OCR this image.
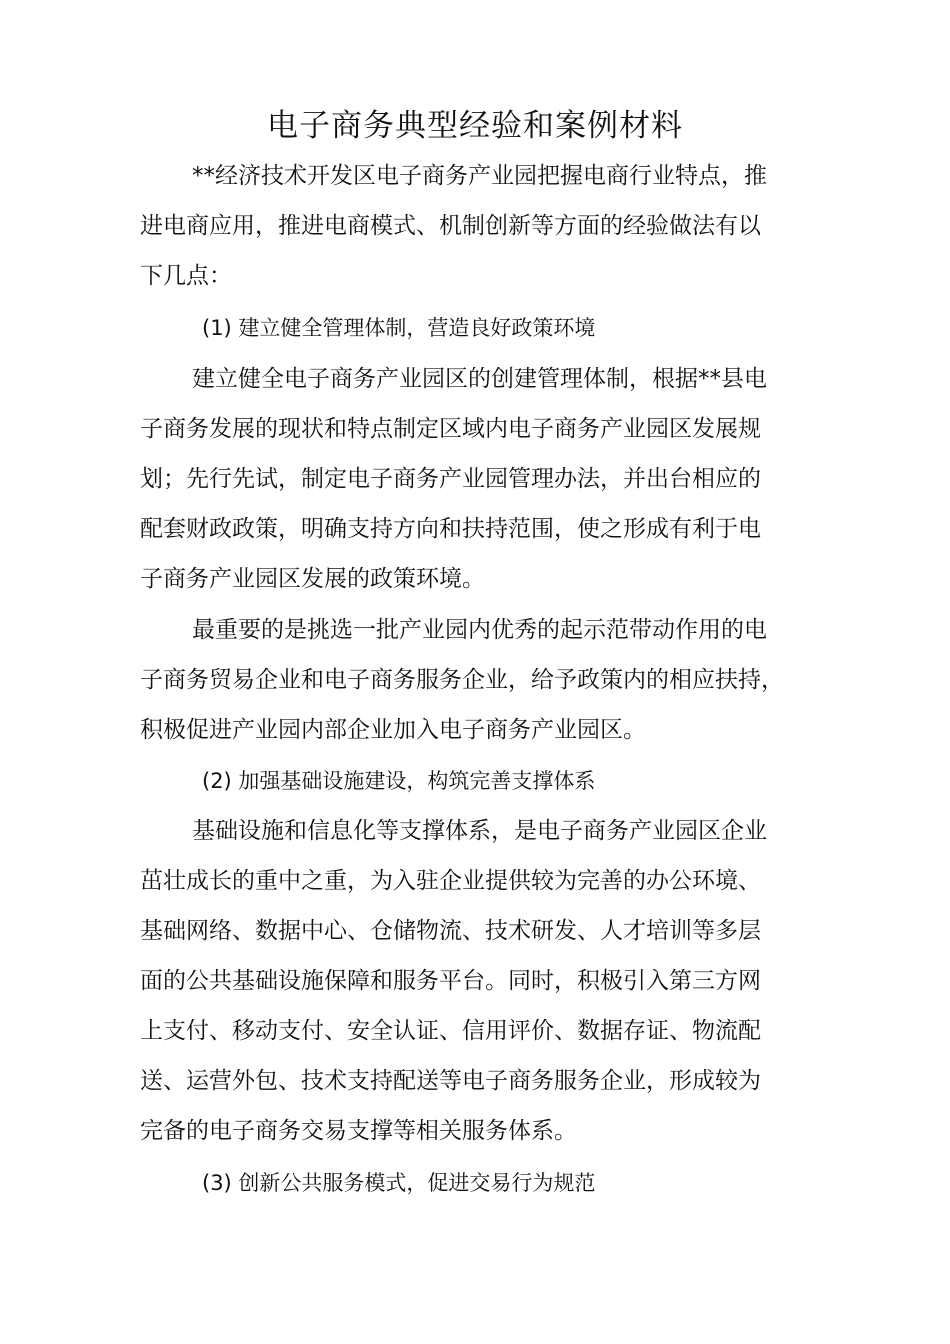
电子商务典型经验和案例材料
**经济技术开发区电子商务产业园把握电商行业特点，推
进电商应用，推进电商模式、机制创新等方面的经验做法有以
下几点：
(1) 建立健全管理体制，营造良好政策环境
建立健全电子商务产业园区的创建管理体制，根据**县电
子商务发展的现状和特点制定区域内电子商务产业园区发展规
划；先行先试，制定电子商务产业园管理办法，并出台相应的
配套财政政策，明确支持方向和扶持范围，使之形成有利于电
子商务产业园区发展的政策环境。
最重要的是挑选一批产业园内优秀的起示范带动作用的电
子商务贸易企业和电子商务服务企业，给予政策内的相应扶持，
积极促进产业园内部企业加入电子商务产业园区。
(2) 加强基础设施建设，构筑完善支撑体系
基础设施和信息化等支撑体系，是电子商务产业园区企业
茁壮成长的重中之重，为入驻企业提供较为完善的办公环境、
基础网络、数据中心、仓储物流、技术研发、人才培训等多层
面的公共基础设施保障和服务平台。同时，积极引入第三方网
上支付、移动支付、安全认证、信用评价、数据存证、物流配
送、运营外包、技术支持配送等电子商务服务企业，形成较为
完备的电子商务交易支撑等相关服务体系。
(3) 创新公共服务模式，促进交易行为规范
